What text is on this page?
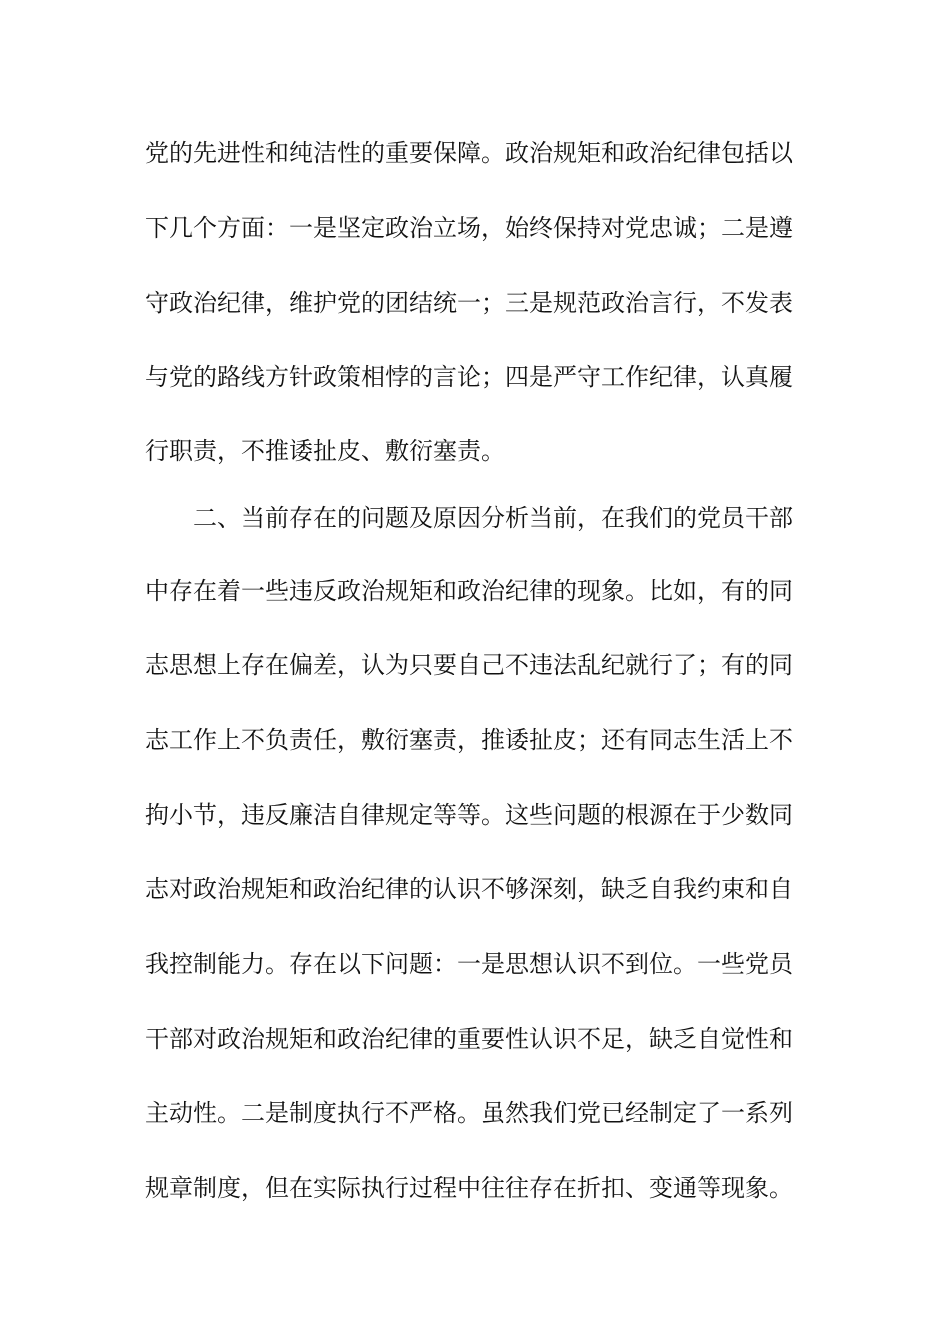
党的先进性和纯洁性的重要保障。政治规矩和政治纪律包括以
下几个方面：一是坚定政治立场，始终保持对党忠诚；二是遵
守政治纪律，维护党的团结统一；三是规范政治言行，不发表
与党的路线方针政策相悖的言论；四是严守工作纪律，认真履
行职责，不推诿扯皮、敷衍塞责。
　　二、当前存在的问题及原因分析当前，在我们的党员干部
中存在着一些违反政治规矩和政治纪律的现象。比如，有的同
志思想上存在偏差，认为只要自己不违法乱纪就行了；有的同
志工作上不负责任，敷衍塞责，推诿扯皮；还有同志生活上不
拘小节，违反廉洁自律规定等等。这些问题的根源在于少数同
志对政治规矩和政治纪律的认识不够深刻，缺乏自我约束和自
我控制能力。存在以下问题：一是思想认识不到位。一些党员
干部对政治规矩和政治纪律的重要性认识不足，缺乏自觉性和
主动性。二是制度执行不严格。虽然我们党已经制定了一系列
规章制度，但在实际执行过程中往往存在折扣、变通等现象。
